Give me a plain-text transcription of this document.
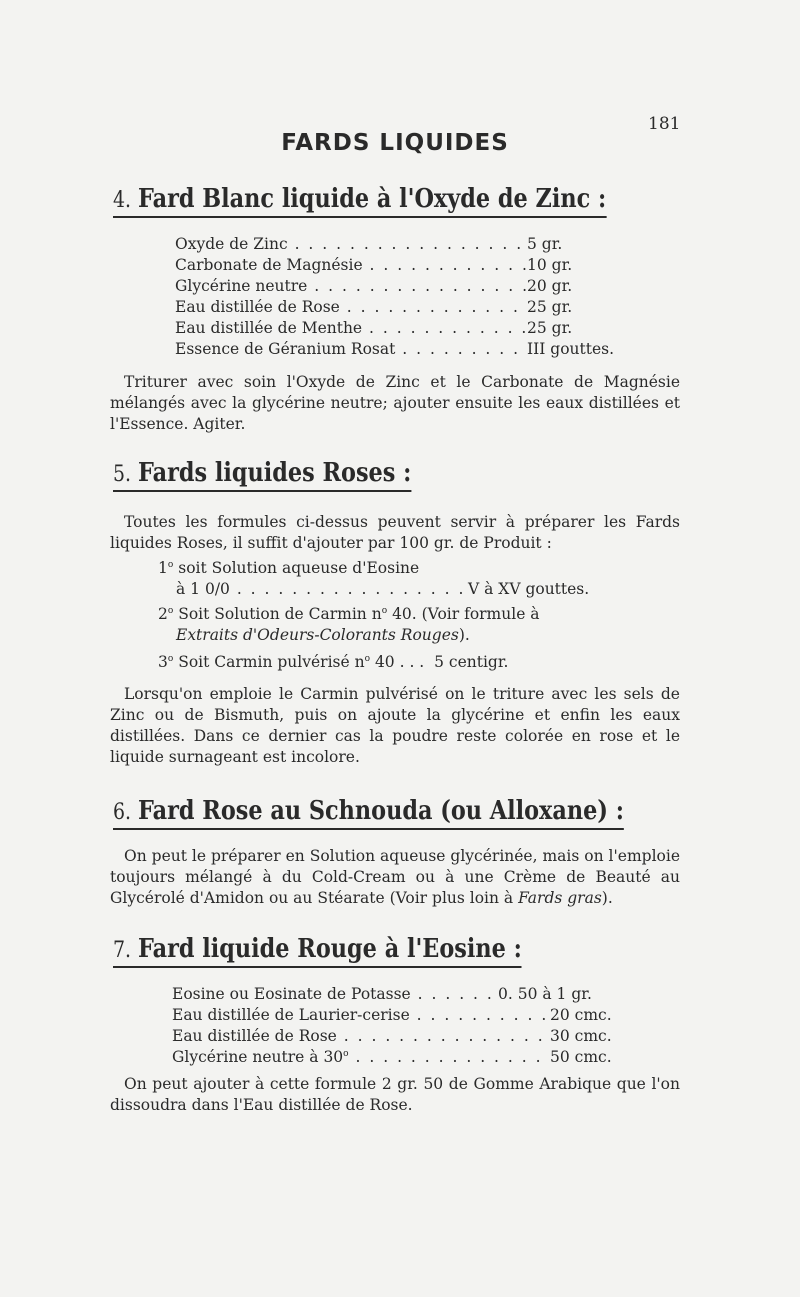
181
FARDS LIQUIDES
4. Fard Blanc liquide à l'Oxyde de Zinc :
Oxyde de Zinc . . .	5 gr.
Carbonate de Magnésie . . .	10 gr.
Glycérine neutre . . .	20 gr.
Eau distillée de Rose . . .	25 gr.
Eau distillée de Menthe . . .	25 gr.
Essence de Géranium Rosat . . .	III gouttes.
Triturer avec soin l'Oxyde de Zinc et le Carbonate de Magnésie mélangés avec la glycérine neutre; ajouter ensuite les eaux distillées et l'Essence. Agiter.
5. Fards liquides Roses :
Toutes les formules ci-dessus peuvent servir à préparer les Fards liquides Roses, il suffit d'ajouter par 100 gr. de Produit :
1$^o$ soit Solution aqueuse d'Eosine
à 1 0/0 . . .	V à XV gouttes.
2$^o$ Soit Solution de Carmin $n^o$ 40. (Voir formule à
Extraits d'Odeurs-Colorants Rouges).
3$^o$ Soit Carmin pulvérisé $n^o$ 40 . . . 5 centigr.
Lorsqu'on emploie le Carmin pulvérisé on le triture avec les sels de Zinc ou de Bismuth, puis on ajoute la glycérine et enfin les eaux distillées. Dans ce dernier cas la poudre reste colorée en rose et le liquide surnageant est incolore.
6. Fard Rose au Schnouda (ou Alloxane) :
On peut le préparer en Solution aqueuse glycérinée, mais on l'emploie toujours mélangé à du Cold-Cream ou à une Crème de Beauté au Glycérolé d'Amidon ou au Stéarate (Voir plus loin à Fards gras).
7. Fard liquide Rouge à l'Eosine :
Eosine ou Eosinate de Potasse . . .	0. 50 à 1 gr.
Eau distillée de Laurier-cerise . . .	20 cmc.
Eau distillée de Rose . . .	30 cmc.
Glycérine neutre à 30$^o$ . . .	50 cmc.
On peut ajouter à cette formule 2 gr. 50 de Gomme Arabique que l'on dissoudra dans l'Eau distillée de Rose.
